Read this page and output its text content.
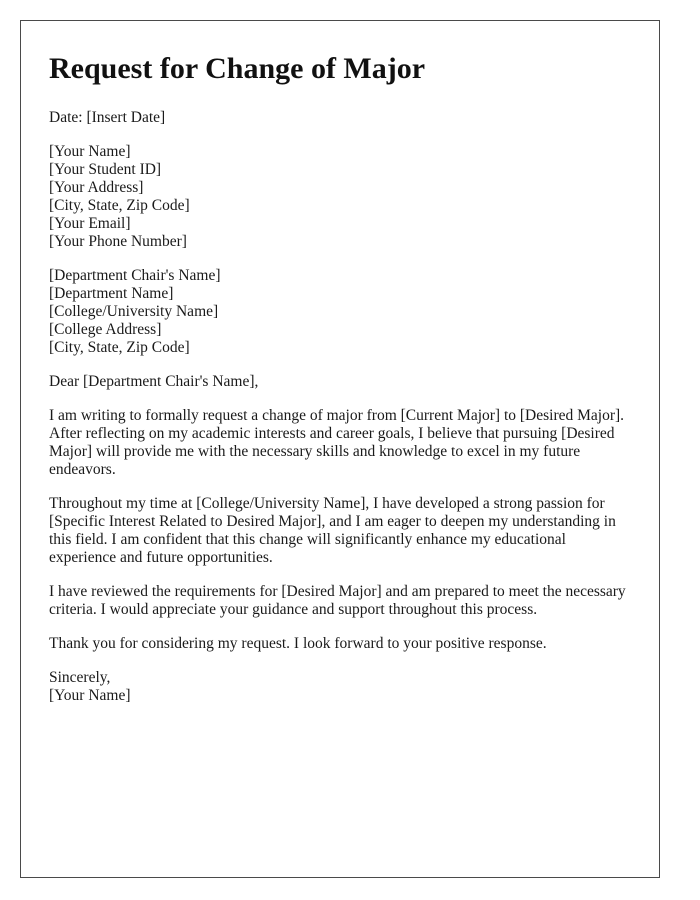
Request for Change of Major

Date: [Insert Date]

[Your Name]

[Your Student ID]

[Your Address]

[City, State, Zip Code]

[Your Email]

[Your Phone Number]

[Department Chair's Name]

[Department Name]

[College/University Name]

[College Address]

[City, State, Zip Code]

Dear [Department Chair's Name],

I am writing to formally request a change of major from [Current Major] to [Desired Major]. After reflecting on my academic interests and career goals, I believe that pursuing [Desired Major] will provide me with the necessary skills and knowledge to excel in my future endeavors.

Throughout my time at [College/University Name], I have developed a strong passion for [Specific Interest Related to Desired Major], and I am eager to deepen my understanding in this field. I am confident that this change will significantly enhance my educational experience and future opportunities.

I have reviewed the requirements for [Desired Major] and am prepared to meet the necessary criteria. I would appreciate your guidance and support throughout this process.

Thank you for considering my request. I look forward to your positive response.

Sincerely,

[Your Name]
